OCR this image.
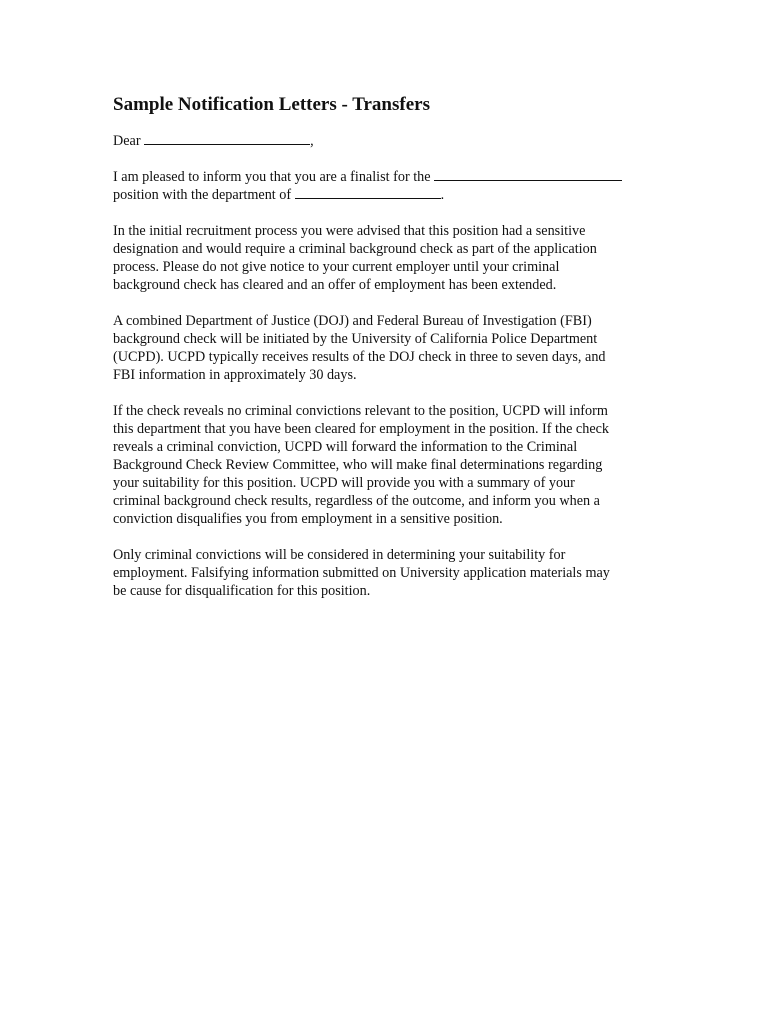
Sample Notification Letters - Transfers
Dear	,
I am pleased to inform you that you are a finalist for the
position with the department of	.
In the initial recruitment process you were advised that this position had a sensitive
designation and would require a criminal background check as part of the application
process. Please do not give notice to your current employer until your criminal
background check has cleared and an offer of employment has been extended.
A combined Department of Justice (DOJ) and Federal Bureau of Investigation (FBI)
background check will be initiated by the University of California Police Department
(UCPD). UCPD typically receives results of the DOJ check in three to seven days, and
FBI information in approximately 30 days.
If the check reveals no criminal convictions relevant to the position, UCPD will inform
this department that you have been cleared for employment in the position. If the check
reveals a criminal conviction, UCPD will forward the information to the Criminal
Background Check Review Committee, who will make final determinations regarding
your suitability for this position. UCPD will provide you with a summary of your
criminal background check results, regardless of the outcome, and inform you when a
conviction disqualifies you from employment in a sensitive position.
Only criminal convictions will be considered in determining your suitability for
employment. Falsifying information submitted on University application materials may
be cause for disqualification for this position.
